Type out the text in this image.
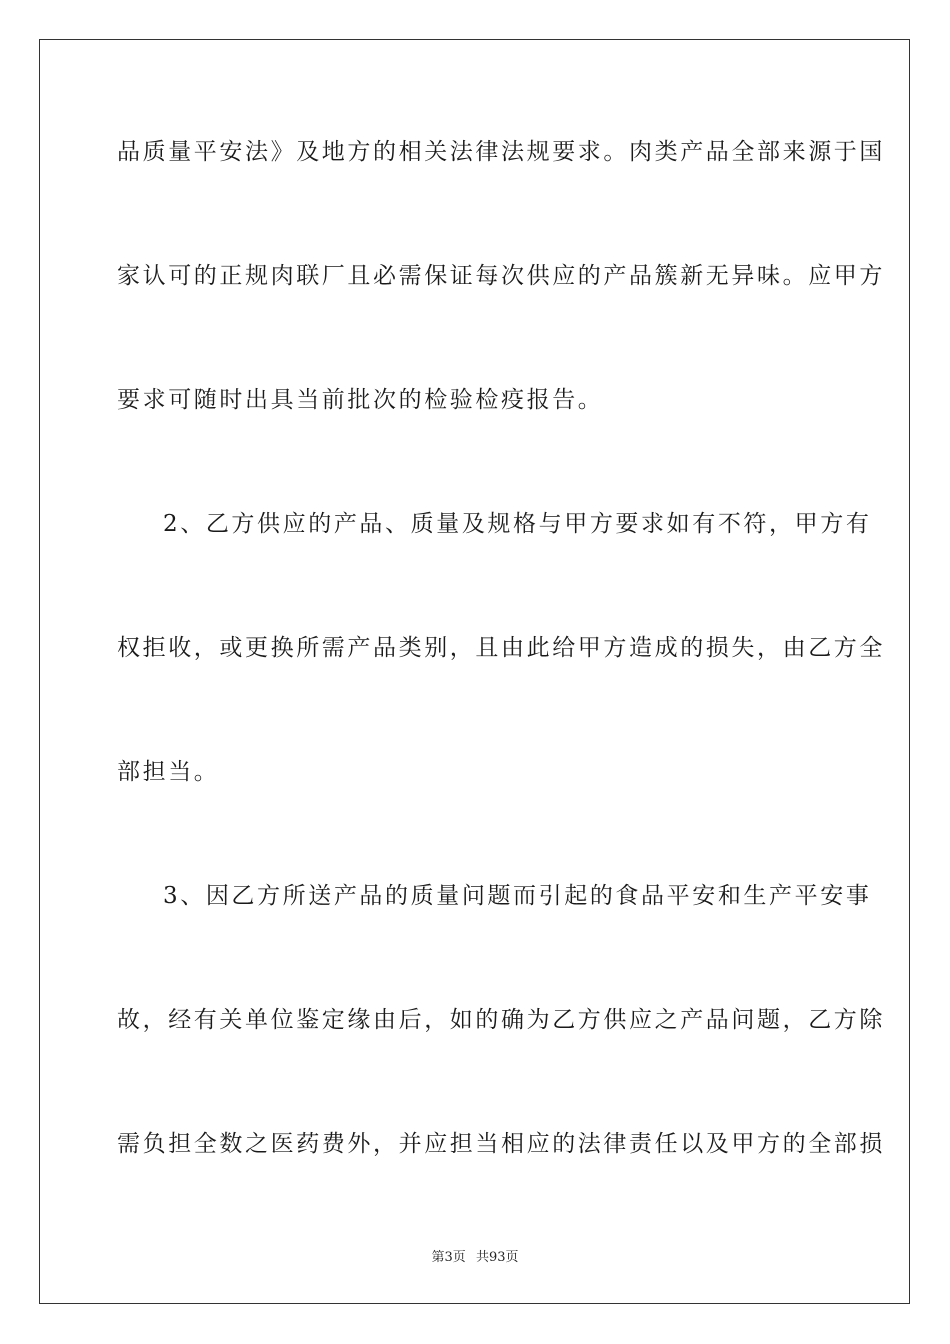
品质量平安法》及地方的相关法律法规要求。肉类产品全部来源于国
家认可的正规肉联厂且必需保证每次供应的产品簇新无异味。应甲方
要求可随时出具当前批次的检验检疫报告。
2、乙方供应的产品、质量及规格与甲方要求如有不符，甲方有
权拒收，或更换所需产品类别，且由此给甲方造成的损失，由乙方全
部担当。
3、因乙方所送产品的质量问题而引起的食品平安和生产平安事
故，经有关单位鉴定缘由后，如的确为乙方供应之产品问题，乙方除
需负担全数之医药费外，并应担当相应的法律责任以及甲方的全部损
第3页 共93页
